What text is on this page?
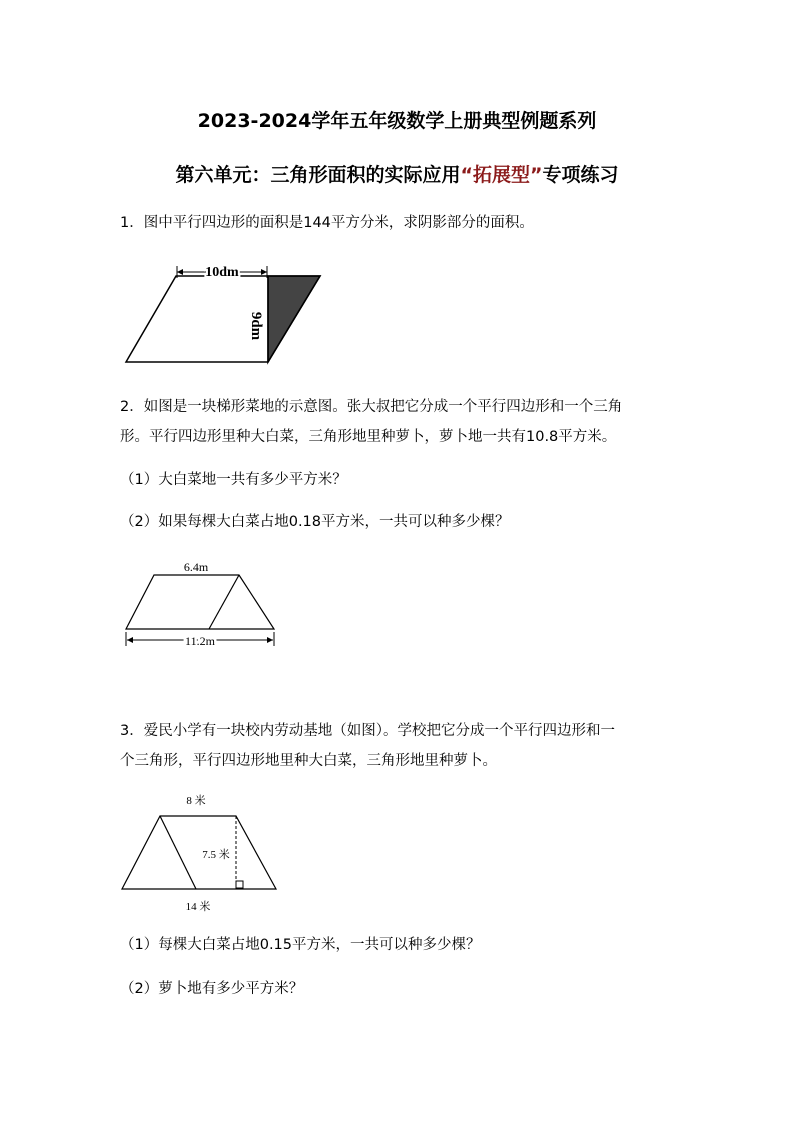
2023-2024学年五年级数学上册典型例题系列
第六单元：三角形面积的实际应用“拓展型”专项练习
1．图中平行四边形的面积是144平方分米，求阴影部分的面积。
10dm
9dm
2．如图是一块梯形菜地的示意图。张大叔把它分成一个平行四边形和一个三角
形。平行四边形里种大白菜，三角形地里种萝卜，萝卜地一共有10.8平方米。
（1）大白菜地一共有多少平方米？
（2）如果每棵大白菜占地0.18平方米，一共可以种多少棵？
6.4m
11.2m
3．爱民小学有一块校内劳动基地（如图）。学校把它分成一个平行四边形和一
个三角形，平行四边形地里种大白菜，三角形地里种萝卜。
8 米
7.5 米
14 米
（1）每棵大白菜占地0.15平方米，一共可以种多少棵？
（2）萝卜地有多少平方米？
